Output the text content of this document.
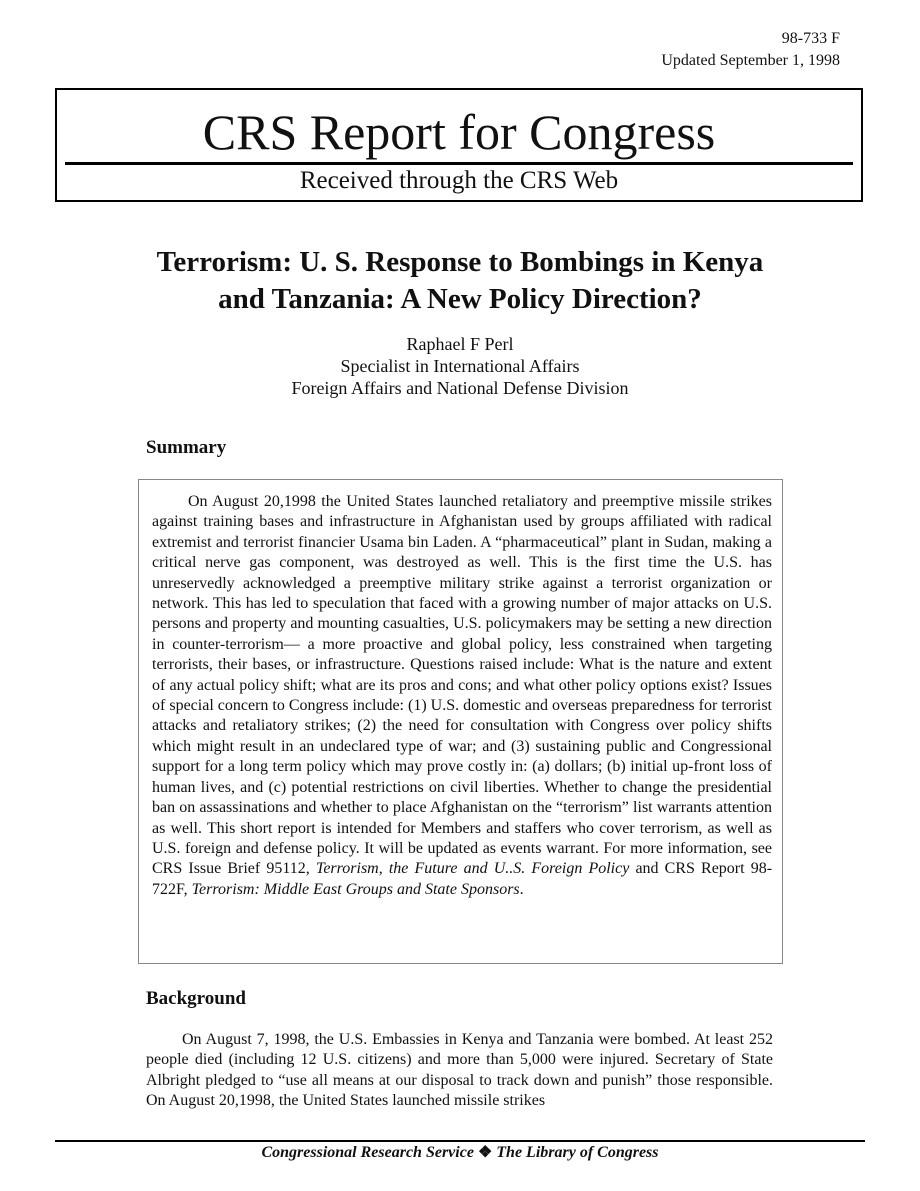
98-733 F
Updated September 1, 1998
CRS Report for Congress
Received through the CRS Web
Terrorism: U. S. Response to Bombings in Kenya
and Tanzania: A New Policy Direction?
Raphael F Perl
Specialist in International Affairs
Foreign Affairs and National Defense Division
Summary

On August 20,1998 the United States launched retaliatory and preemptive missile strikes against training bases and infrastructure in Afghanistan used by groups affiliated with radical extremist and terrorist financier Usama bin Laden. A “pharmaceutical” plant in Sudan, making a critical nerve gas component, was destroyed as well. This is the first time the U.S. has unreservedly acknowledged a preemptive military strike against a terrorist organization or network. This has led to speculation that faced with a growing number of major attacks on U.S. persons and property and mounting casualties, U.S. policymakers may be setting a new direction in counter-terrorism— a more proactive and global policy, less constrained when targeting terrorists, their bases, or infrastructure. Questions raised include: What is the nature and extent of any actual policy shift; what are its pros and cons; and what other policy options exist? Issues of special concern to Congress include: (1) U.S. domestic and overseas preparedness for terrorist attacks and retaliatory strikes; (2) the need for consultation with Congress over policy shifts which might result in an undeclared type of war; and (3) sustaining public and Congressional support for a long term policy which may prove costly in: (a) dollars; (b) initial up-front loss of human lives, and (c) potential restrictions on civil liberties. Whether to change the presidential ban on assassinations and whether to place Afghanistan on the “terrorism” list warrants attention as well. This short report is intended for Members and staffers who cover terrorism, as well as U.S. foreign and defense policy. It will be updated as events warrant. For more information, see CRS Issue Brief 95112, Terrorism, the Future and U..S. Foreign Policy and CRS Report 98-722F, Terrorism: Middle East Groups and State Sponsors.

Background

On August 7, 1998, the U.S. Embassies in Kenya and Tanzania were bombed. At least 252 people died (including 12 U.S. citizens) and more than 5,000 were injured. Secretary of State Albright pledged to “use all means at our disposal to track down and punish” those responsible. On August 20,1998, the United States launched missile strikes

Congressional Research Service ❖ The Library of Congress
